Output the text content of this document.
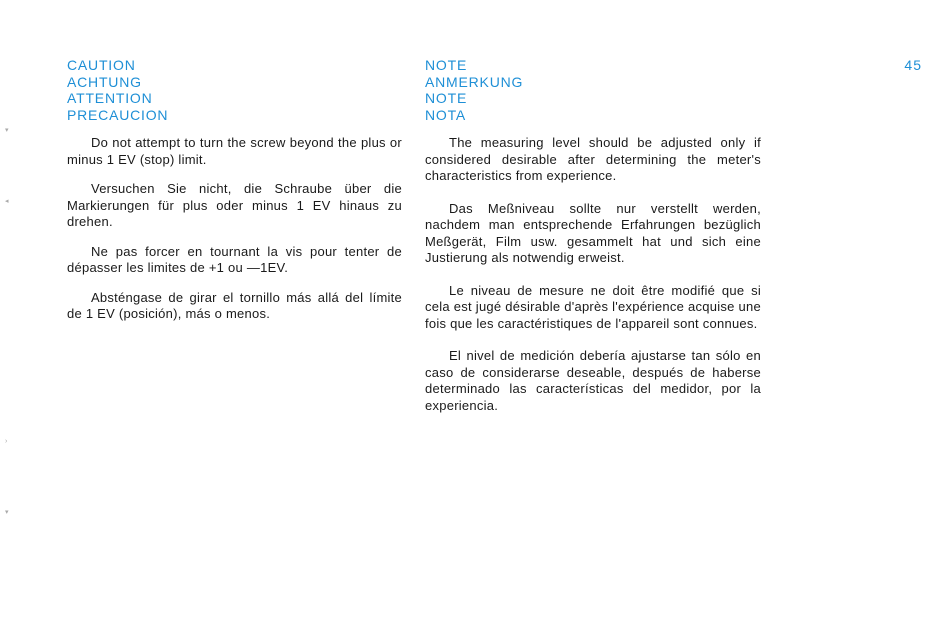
45
▾
◂
›
▾
CAUTION
ACHTUNG
ATTENTION
PRECAUCION

Do not attempt to turn the screw beyond the plus or minus 1 EV (stop) limit.

Versuchen Sie nicht, die Schraube über die Markierungen für plus oder minus 1 EV hinaus zu drehen.

Ne pas forcer en tournant la vis pour tenter de dépasser les limites de +1 ou —1EV.

Absténgase de girar el tornillo más allá del límite de 1 EV (posición), más o menos.

NOTE
ANMERKUNG
NOTE
NOTA

The measuring level should be adjusted only if considered desirable after determining the meter's characteristics from experience.

Das Meßniveau sollte nur verstellt werden, nachdem man entsprechende Erfahrungen bezüglich Meßgerät, Film usw. gesammelt hat und sich eine Justierung als notwendig erweist.

Le niveau de mesure ne doit être modifié que si cela est jugé désirable d'après l'expérience acquise une fois que les caractéristiques de l'appareil sont connues.

El nivel de medición debería ajustarse tan sólo en caso de considerarse deseable, después de haberse determinado las características del medidor, por la experiencia.
